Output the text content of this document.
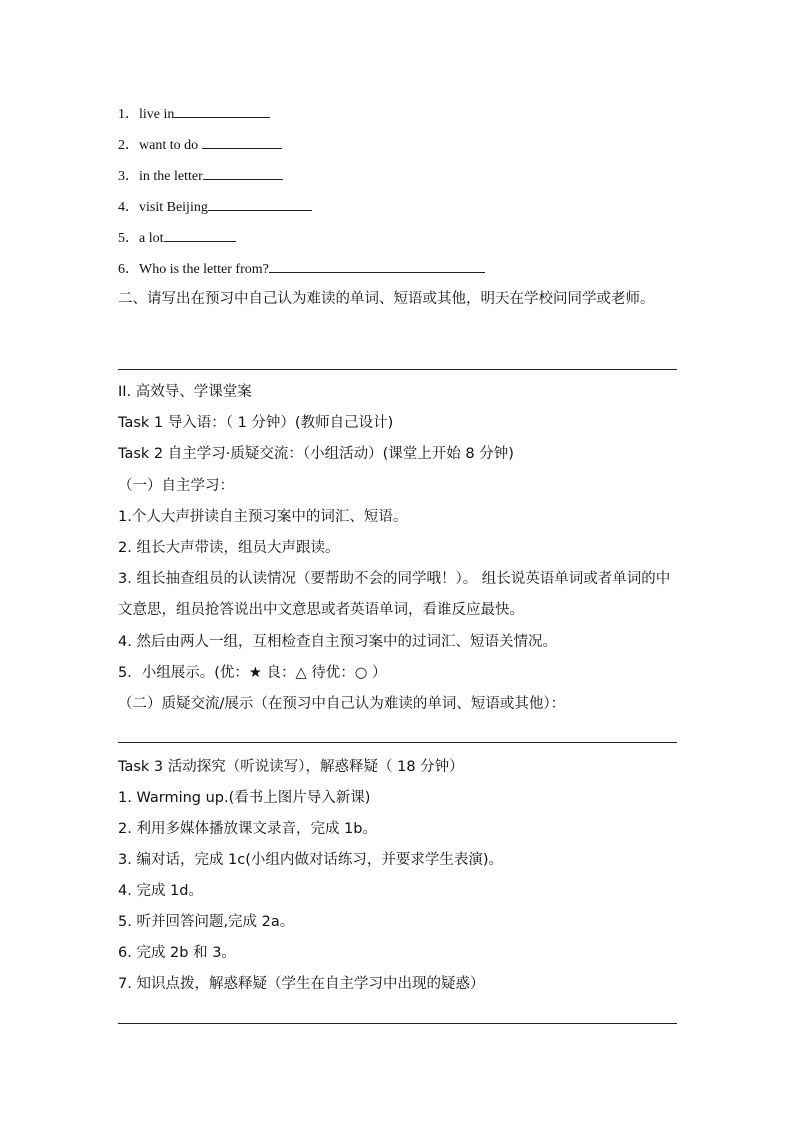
1．live in
2．want to do
3．in the letter
4．visit Beijing
5．a lot
6．Who is the letter from?
二、请写出在预习中自己认为难读的单词、短语或其他，明天在学校问同学或老师。
II. 高效导、学课堂案
Task 1 导入语：（ 1 分钟）(教师自己设计)
Task 2 自主学习·质疑交流：（小组活动）(课堂上开始 8 分钟)
（一）自主学习：
1.个人大声拼读自主预习案中的词汇、短语。
2. 组长大声带读，组员大声跟读。
3. 组长抽查组员的认读情况（要帮助不会的同学哦！）。 组长说英语单词或者单词的中文意思，组员抢答说出中文意思或者英语单词，看谁反应最快。
4. 然后由两人一组，互相检查自主预习案中的过词汇、短语关情况。
5．小组展示。(优：★ 良：△ 待优：○ ）
（二）质疑交流/展示（在预习中自己认为难读的单词、短语或其他）：
Task 3 活动探究（听说读写），解惑释疑（ 18 分钟）
1. Warming up.(看书上图片导入新课)
2. 利用多媒体播放课文录音，完成 1b。
3. 编对话，完成 1c(小组内做对话练习，并要求学生表演)。
4. 完成 1d。
5. 听并回答问题,完成 2a。
6. 完成 2b 和 3。
7. 知识点拨，解惑释疑（学生在自主学习中出现的疑惑）
